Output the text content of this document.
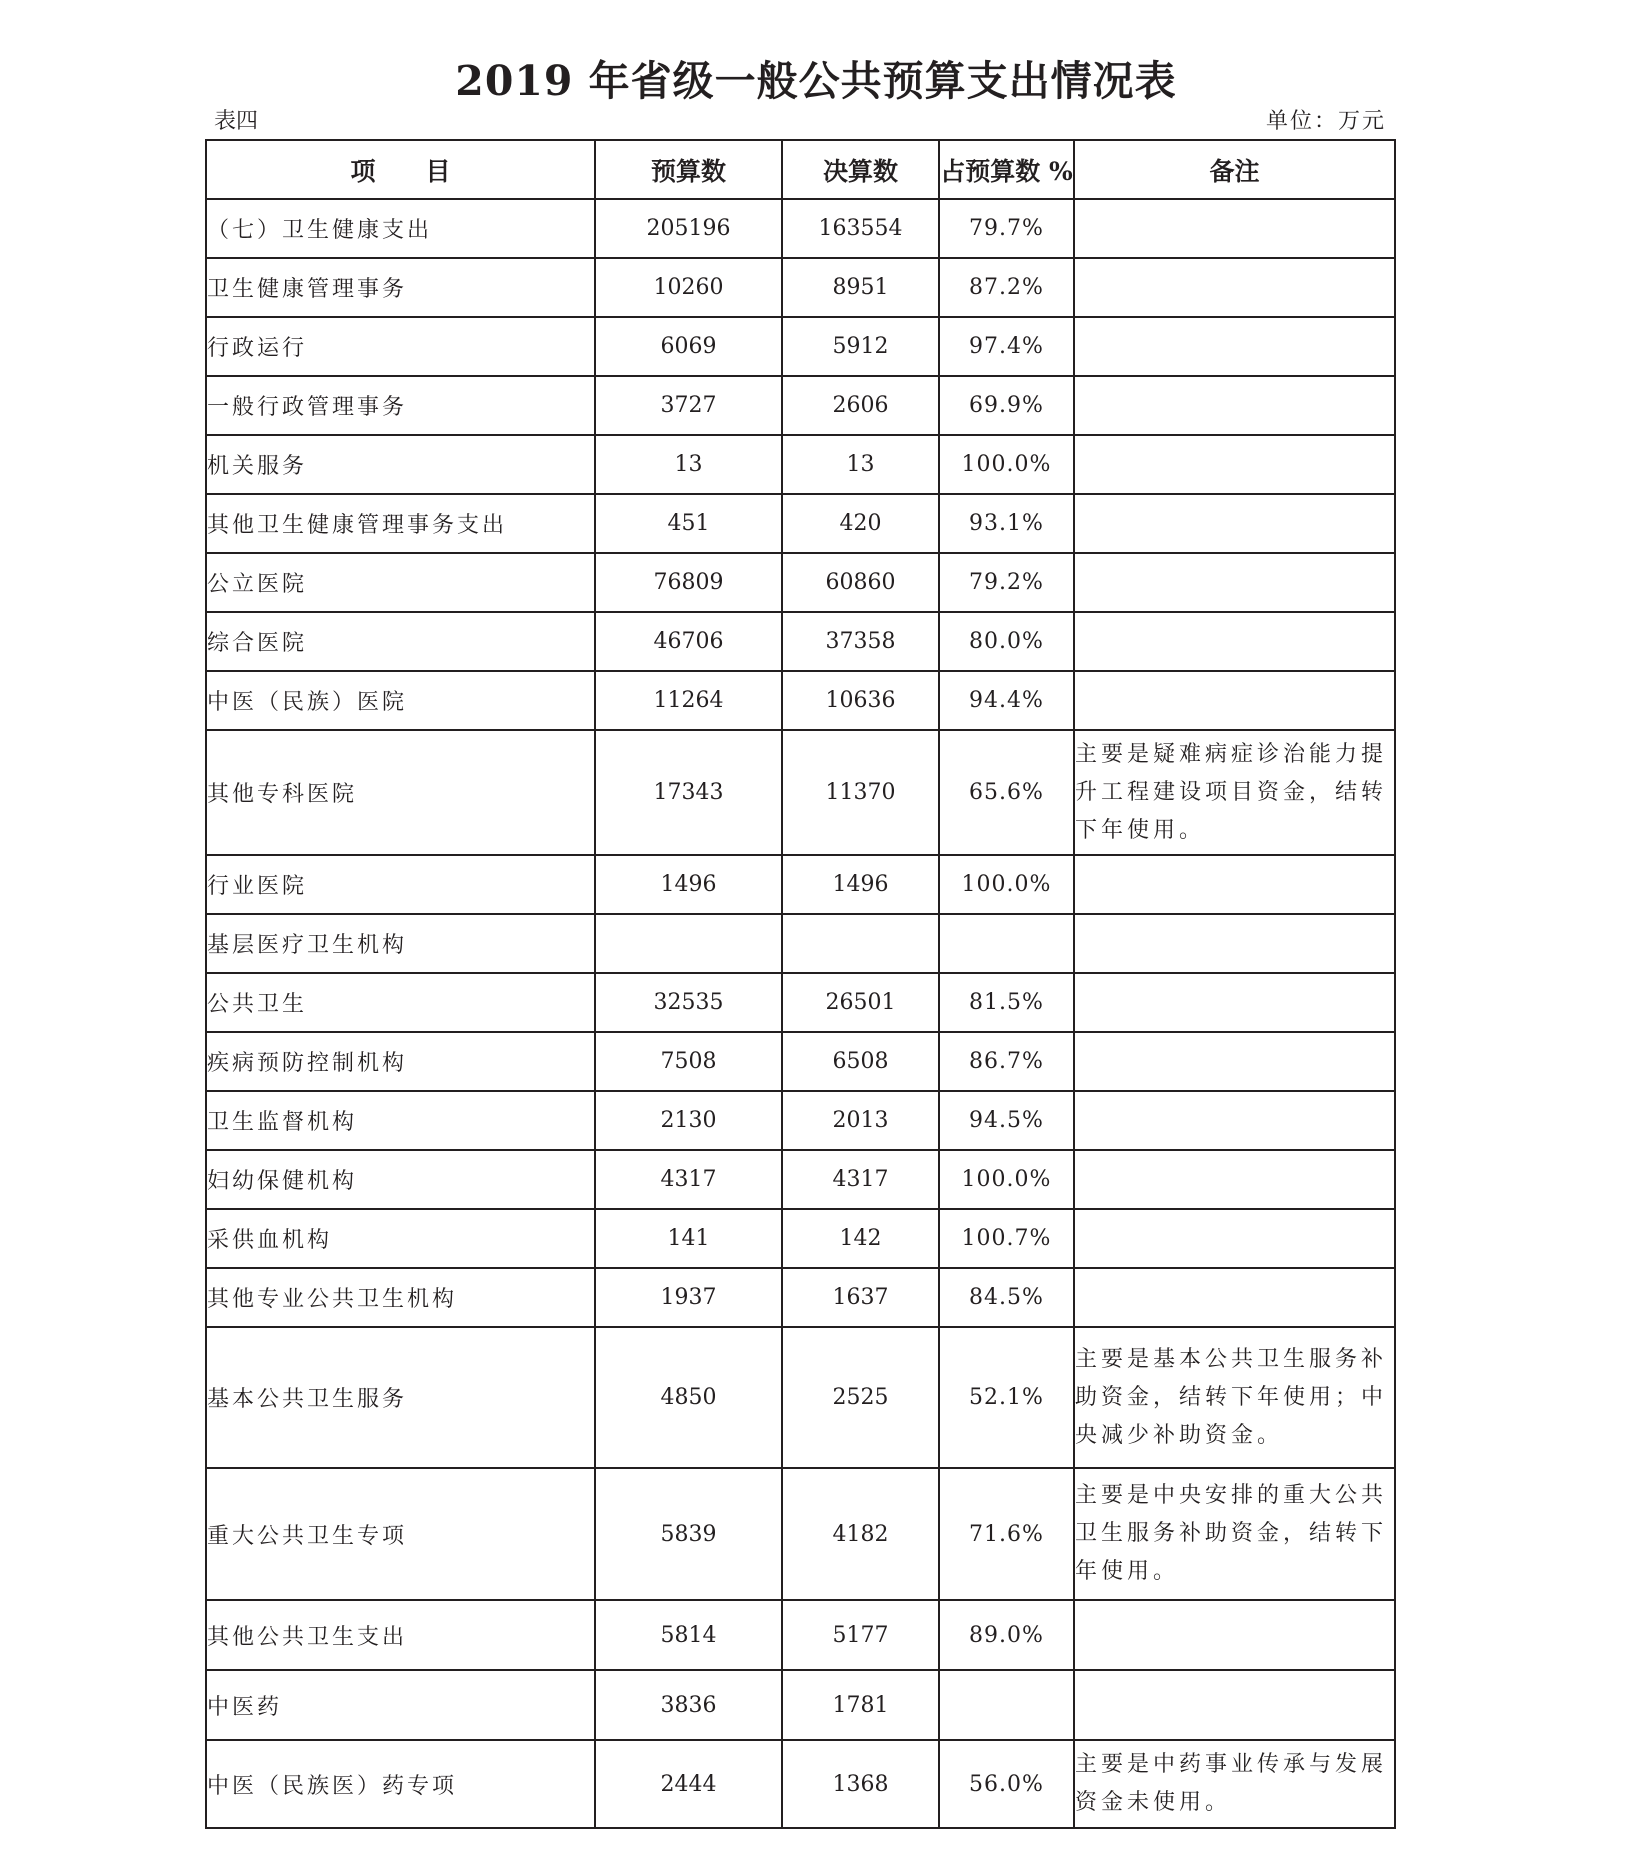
2019 年省级一般公共预算支出情况表
表四	单位：万元
项　　目	预算数	决算数	占预算数 %	备注
（七）卫生健康支出	205196	163554	79.7%	
卫生健康管理事务	10260	8951	87.2%	
行政运行	6069	5912	97.4%	
一般行政管理事务	3727	2606	69.9%	
机关服务	13	13	100.0%	
其他卫生健康管理事务支出	451	420	93.1%	
公立医院	76809	60860	79.2%	
综合医院	46706	37358	80.0%	
中医（民族）医院	11264	10636	94.4%	
其他专科医院	17343	11370	65.6%	主要是疑难病症诊治能力提升工程建设项目资金，结转下年使用。
行业医院	1496	1496	100.0%	
基层医疗卫生机构				
公共卫生	32535	26501	81.5%	
疾病预防控制机构	7508	6508	86.7%	
卫生监督机构	2130	2013	94.5%	
妇幼保健机构	4317	4317	100.0%	
采供血机构	141	142	100.7%	
其他专业公共卫生机构	1937	1637	84.5%	
基本公共卫生服务	4850	2525	52.1%	主要是基本公共卫生服务补助资金，结转下年使用；中央减少补助资金。
重大公共卫生专项	5839	4182	71.6%	主要是中央安排的重大公共卫生服务补助资金，结转下年使用。
其他公共卫生支出	5814	5177	89.0%	
中医药	3836	1781		
中医（民族医）药专项	2444	1368	56.0%	主要是中药事业传承与发展资金未使用。
